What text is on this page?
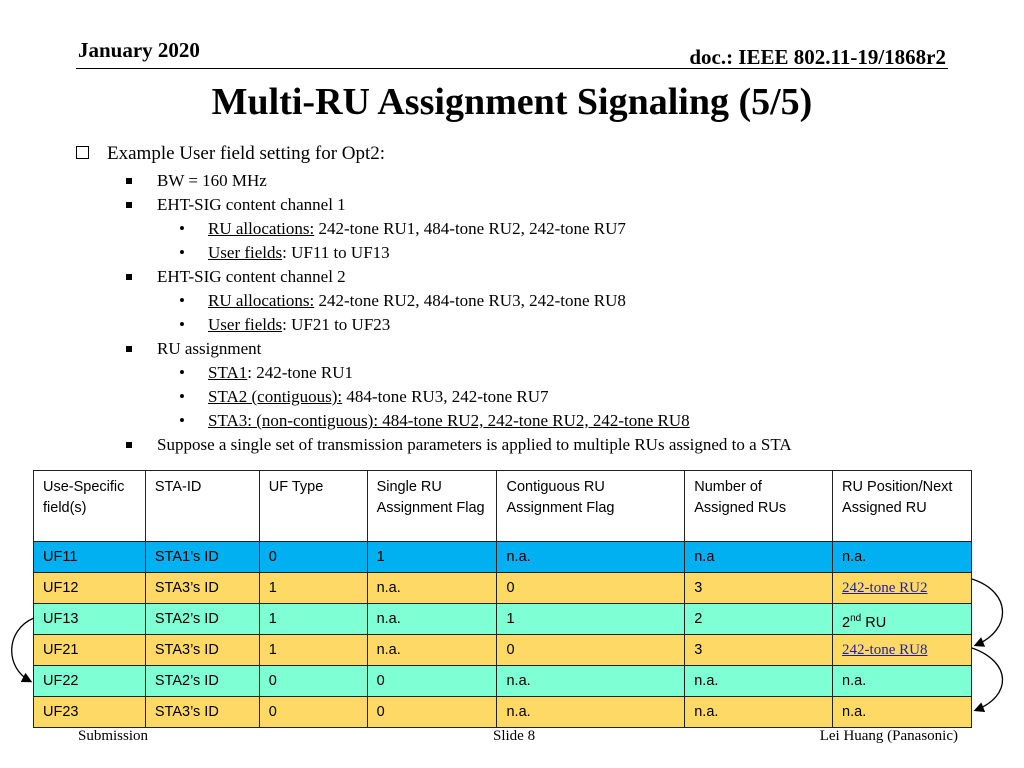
January 2020	doc.: IEEE 802.11-19/1868r2
Multi-RU Assignment Signaling (5/5)
Example User field setting for Opt2:
BW = 160 MHz
EHT-SIG content channel 1
• RU allocations: 242-tone RU1, 484-tone RU2, 242-tone RU7
• User fields: UF11 to UF13
EHT-SIG content channel 2
• RU allocations: 242-tone RU2, 484-tone RU3, 242-tone RU8
• User fields: UF21 to UF23
RU assignment
• STA1: 242-tone RU1
• STA2 (contiguous): 484-tone RU3, 242-tone RU7
• STA3: (non-contiguous): 484-tone RU2, 242-tone RU2, 242-tone RU8
Suppose a single set of transmission parameters is applied to multiple RUs assigned to a STA
Use-Specific field(s)	STA-ID	UF Type	Single RU Assignment Flag	Contiguous RU Assignment Flag	Number of Assigned RUs	RU Position/Next Assigned RU
UF11	STA1’s ID	0	1	n.a.	n.a	n.a.
UF12	STA3’s ID	1	n.a.	0	3	242-tone RU2
UF13	STA2’s ID	1	n.a.	1	2	2nd RU
UF21	STA3’s ID	1	n.a.	0	3	242-tone RU8
UF22	STA2’s ID	0	0	n.a.	n.a.	n.a.
UF23	STA3’s ID	0	0	n.a.	n.a.	n.a.
Submission	Slide 8	Lei Huang (Panasonic)
